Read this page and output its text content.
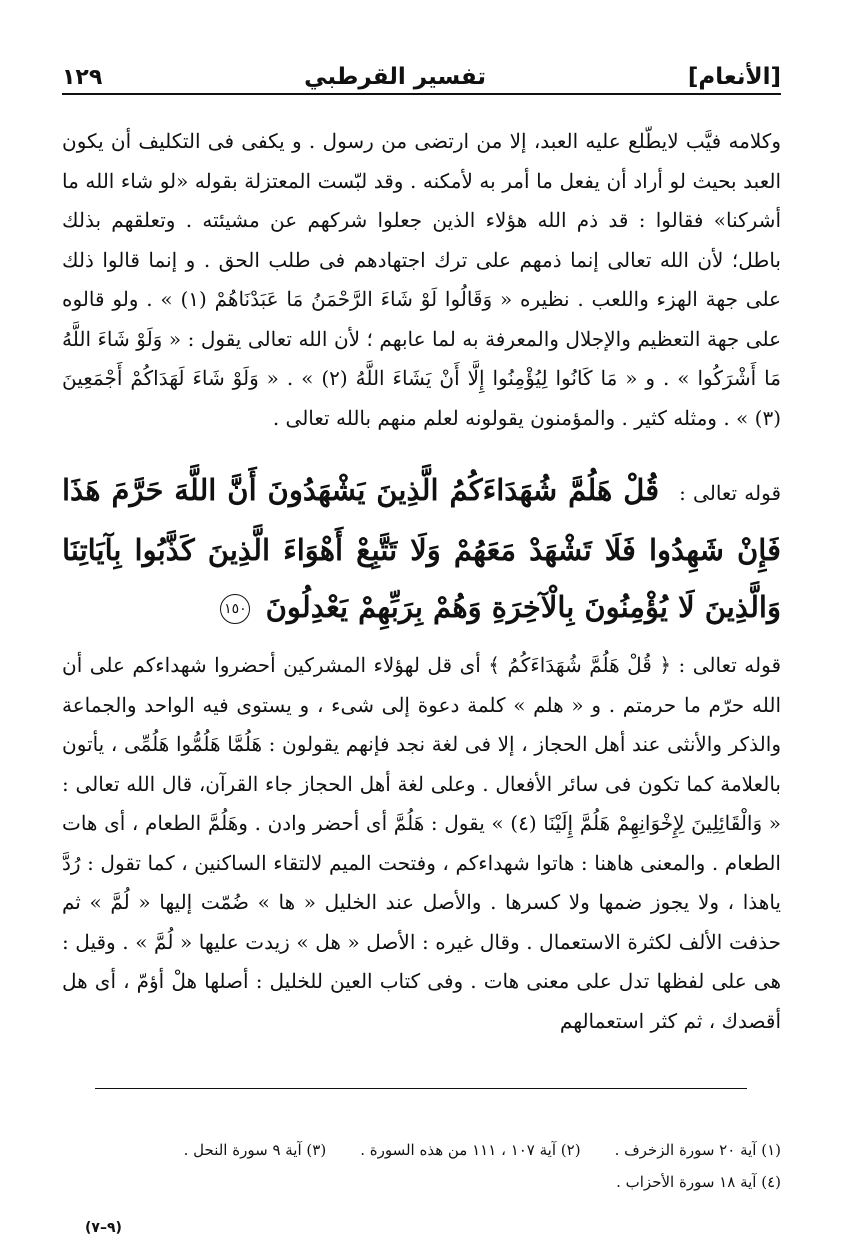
[الأنعام]
تفسير القرطبي
١٢٩

وكلامه فيَّب لايطّلع عليه العبد، إلا من ارتضى من رسول . و يكفى فى التكليف أن يكون العبد بحيث لو أراد أن يفعل ما أمر به لأمكنه . وقد لبّست المعتزلة بقوله «لو شاء الله ما أشركنا» فقالوا : قد ذم الله هؤلاء الذين جعلوا شركهم عن مشيئته . وتعلقهم بذلك باطل؛ لأن الله تعالى إنما ذمهم على ترك اجتهادهم فى طلب الحق . و إنما قالوا ذلك على جهة الهزء واللعب . نظيره « وَقَالُوا لَوْ شَاءَ الرَّحْمَنُ مَا عَبَدْنَاهُمْ (١) » . ولو قالوه على جهة التعظيم والإجلال والمعرفة به لما عابهم ؛ لأن الله تعالى يقول : « وَلَوْ شَاءَ اللَّهُ مَا أَشْرَكُوا » . و « مَا كَانُوا لِيُؤْمِنُوا إِلَّا أَنْ يَشَاءَ اللَّهُ (٢) » . « وَلَوْ شَاءَ لَهَدَاكُمْ أَجْمَعِينَ (٣) » . ومثله كثير . والمؤمنون يقولونه لعلم منهم بالله تعالى .

قوله تعالى : قُلْ هَلُمَّ شُهَدَاءَكُمُ الَّذِينَ يَشْهَدُونَ أَنَّ اللَّهَ حَرَّمَ هَذَا فَإِنْ شَهِدُوا فَلَا تَشْهَدْ مَعَهُمْ وَلَا تَتَّبِعْ أَهْوَاءَ الَّذِينَ كَذَّبُوا بِآيَاتِنَا وَالَّذِينَ لَا يُؤْمِنُونَ بِالْآخِرَةِ وَهُمْ بِرَبِّهِمْ يَعْدِلُونَ ١٥٠

قوله تعالى : ﴿ قُلْ هَلُمَّ شُهَدَاءَكُمُ ﴾ أى قل لهؤلاء المشركين أحضروا شهداءكم على أن الله حرّم ما حرمتم . و « هلم » كلمة دعوة إلى شىء ، و يستوى فيه الواحد والجماعة والذكر والأنثى عند أهل الحجاز ، إلا فى لغة نجد فإنهم يقولون : هَلُمَّا هَلُمُّوا هَلُمِّى ، يأتون بالعلامة كما تكون فى سائر الأفعال . وعلى لغة أهل الحجاز جاء القرآن، قال الله تعالى : « وَالْقَائِلِينَ لِإِخْوَانِهِمْ هَلُمَّ إِلَيْنَا (٤) » يقول : هَلُمَّ أى أحضر وادن . وهَلُمَّ الطعام ، أى هات الطعام . والمعنى هاهنا : هاتوا شهداءكم ، وفتحت الميم لالتقاء الساكنين ، كما تقول : رُدَّ ياهذا ، ولا يجوز ضمها ولا كسرها . والأصل عند الخليل « ها » ضُمّت إليها « لُمَّ » ثم حذفت الألف لكثرة الاستعمال . وقال غيره : الأصل « هل » زيدت عليها « لُمَّ » . وقيل : هى على لفظها تدل على معنى هات . وفى كتاب العين للخليل : أصلها هلْ أؤمّ ، أى هل أقصدك ، ثم كثر استعمالهم

(١) آية ٢٠ سورة الزخرف .
(٢) آية ١٠٧ ، ١١١ من هذه السورة .
(٣) آية ٩ سورة النحل .
(٤) آية ١٨ سورة الأحزاب .
(٩–٧)
